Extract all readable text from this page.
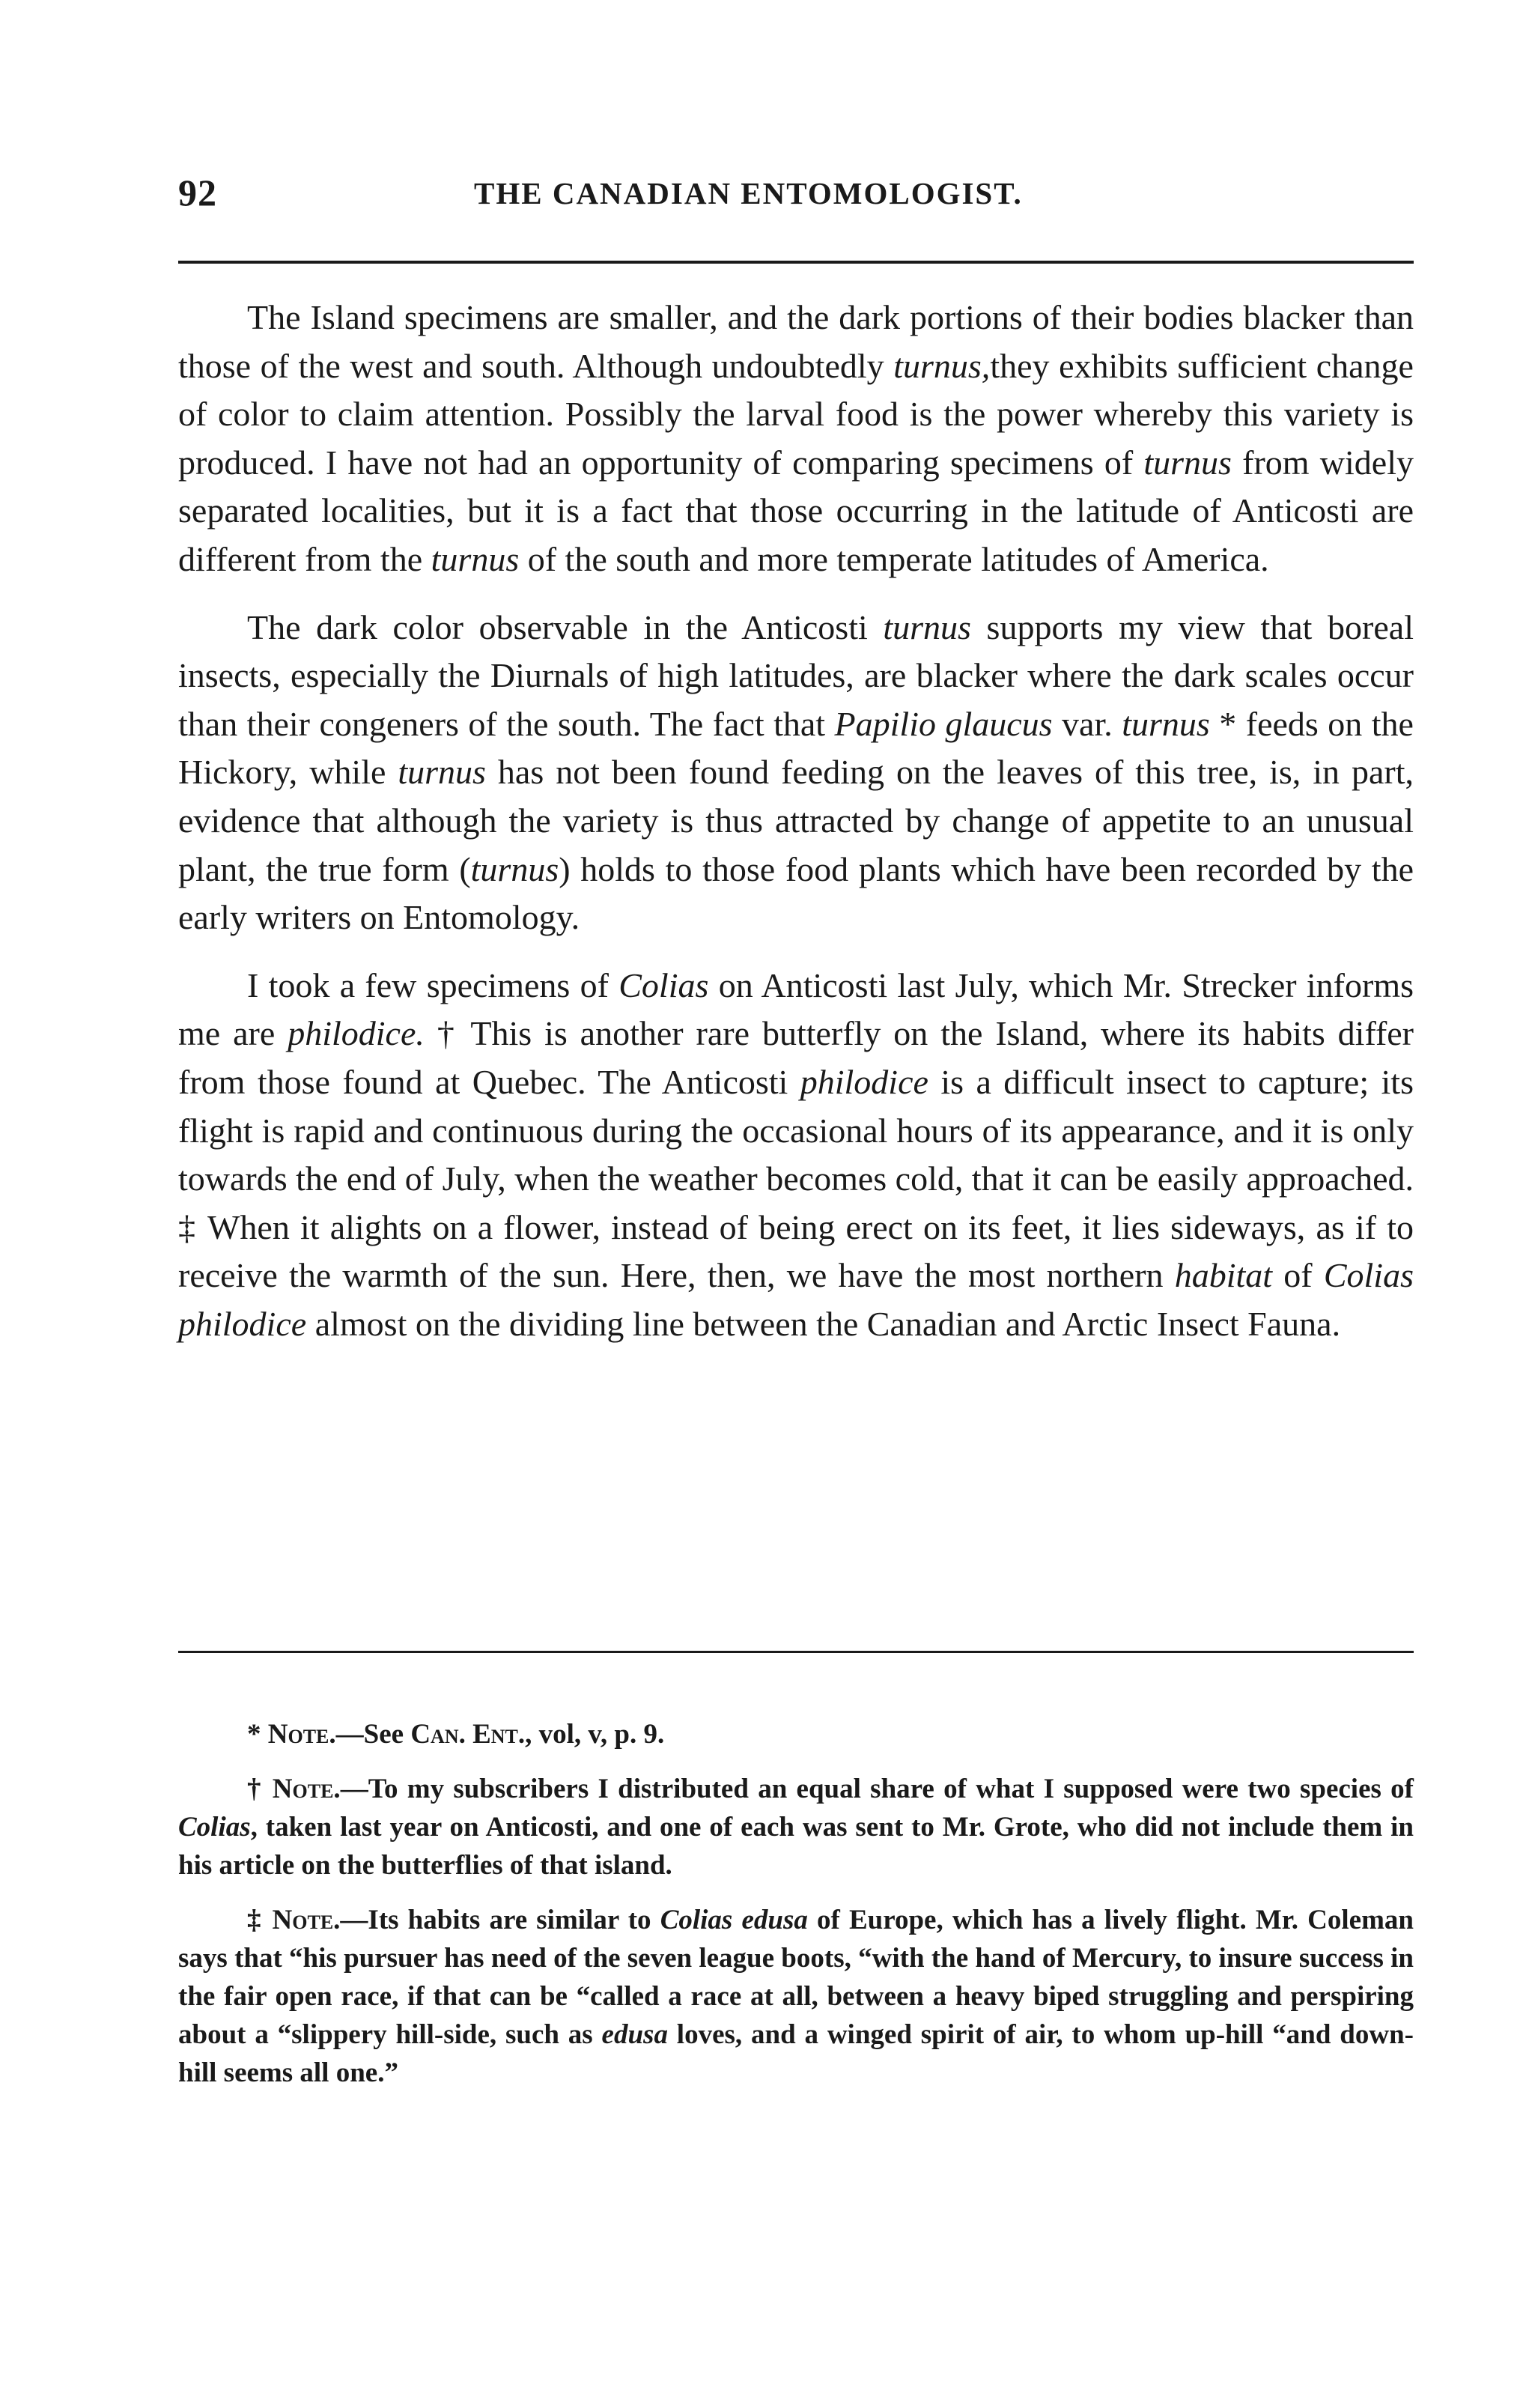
92	THE CANADIAN ENTOMOLOGIST.

The Island specimens are smaller, and the dark portions of their bodies blacker than those of the west and south. Although undoubtedly turnus,they exhibits sufficient change of color to claim attention. Possibly the larval food is the power whereby this variety is produced. I have not had an opportunity of comparing specimens of turnus from widely separated localities, but it is a fact that those occurring in the latitude of Anticosti are different from the turnus of the south and more temperate latitudes of America.

The dark color observable in the Anticosti turnus supports my view that boreal insects, especially the Diurnals of high latitudes, are blacker where the dark scales occur than their congeners of the south. The fact that Papilio glaucus var. turnus * feeds on the Hickory, while turnus has not been found feeding on the leaves of this tree, is, in part, evidence that although the variety is thus attracted by change of appetite to an unusual plant, the true form (turnus) holds to those food plants which have been recorded by the early writers on Entomology.

I took a few specimens of Colias on Anticosti last July, which Mr. Strecker informs me are philodice. † This is another rare butterfly on the Island, where its habits differ from those found at Quebec. The Anticosti philodice is a difficult insect to capture; its flight is rapid and continuous during the occasional hours of its appearance, and it is only towards the end of July, when the weather becomes cold, that it can be easily approached. ‡ When it alights on a flower, instead of being erect on its feet, it lies sideways, as if to receive the warmth of the sun. Here, then, we have the most northern habitat of Colias philodice almost on the dividing line between the Canadian and Arctic Insect Fauna.

* Note.—See Can. Ent., vol, v, p. 9.

† Note.—To my subscribers I distributed an equal share of what I supposed were two species of Colias, taken last year on Anticosti, and one of each was sent to Mr. Grote, who did not include them in his article on the butterflies of that island.

‡ Note.—Its habits are similar to Colias edusa of Europe, which has a lively flight. Mr. Coleman says that “his pursuer has need of the seven league boots, “with the hand of Mercury, to insure success in the fair open race, if that can be “called a race at all, between a heavy biped struggling and perspiring about a “slippery hill-side, such as edusa loves, and a winged spirit of air, to whom up-hill “and down-hill seems all one.”
